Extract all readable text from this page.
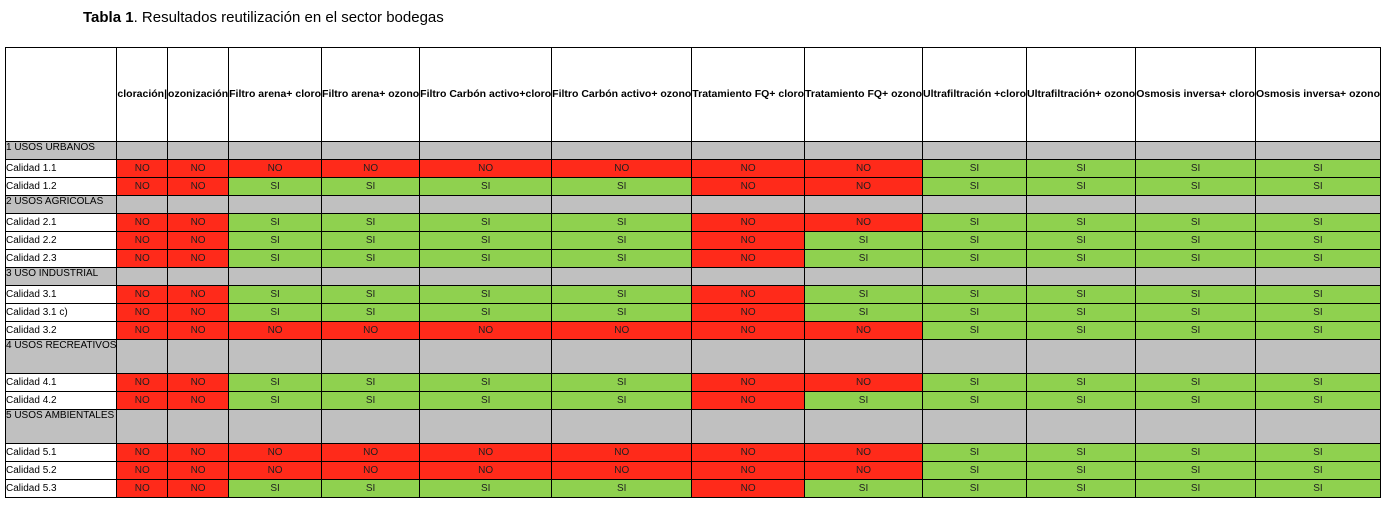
Tabla 1. Resultados reutilización en el sector bodegas
	cloración|	ozonización	Filtro arena+ cloro	Filtro arena+ ozono	Filtro Carbón activo+cloro	Filtro Carbón activo+ ozono	Tratamiento FQ+ cloro	Tratamiento FQ+ ozono	Ultrafiltración +cloro	Ultrafiltración+ ozono	Osmosis inversa+ cloro	Osmosis inversa+ ozono
1 USOS URBANOS												
Calidad 1.1	NO	NO	NO	NO	NO	NO	NO	NO	SI	SI	SI	SI
Calidad 1.2	NO	NO	SI	SI	SI	SI	NO	NO	SI	SI	SI	SI
2 USOS AGRICOLAS												
Calidad 2.1	NO	NO	SI	SI	SI	SI	NO	NO	SI	SI	SI	SI
Calidad 2.2	NO	NO	SI	SI	SI	SI	NO	SI	SI	SI	SI	SI
Calidad 2.3	NO	NO	SI	SI	SI	SI	NO	SI	SI	SI	SI	SI
3 USO INDUSTRIAL												
Calidad 3.1	NO	NO	SI	SI	SI	SI	NO	SI	SI	SI	SI	SI
Calidad 3.1 c)	NO	NO	SI	SI	SI	SI	NO	SI	SI	SI	SI	SI
Calidad 3.2	NO	NO	NO	NO	NO	NO	NO	NO	SI	SI	SI	SI
4 USOS RECREATIVOS												
Calidad 4.1	NO	NO	SI	SI	SI	SI	NO	NO	SI	SI	SI	SI
Calidad 4.2	NO	NO	SI	SI	SI	SI	NO	SI	SI	SI	SI	SI
5 USOS AMBIENTALES												
Calidad 5.1	NO	NO	NO	NO	NO	NO	NO	NO	SI	SI	SI	SI
Calidad 5.2	NO	NO	NO	NO	NO	NO	NO	NO	SI	SI	SI	SI
Calidad 5.3	NO	NO	SI	SI	SI	SI	NO	SI	SI	SI	SI	SI
